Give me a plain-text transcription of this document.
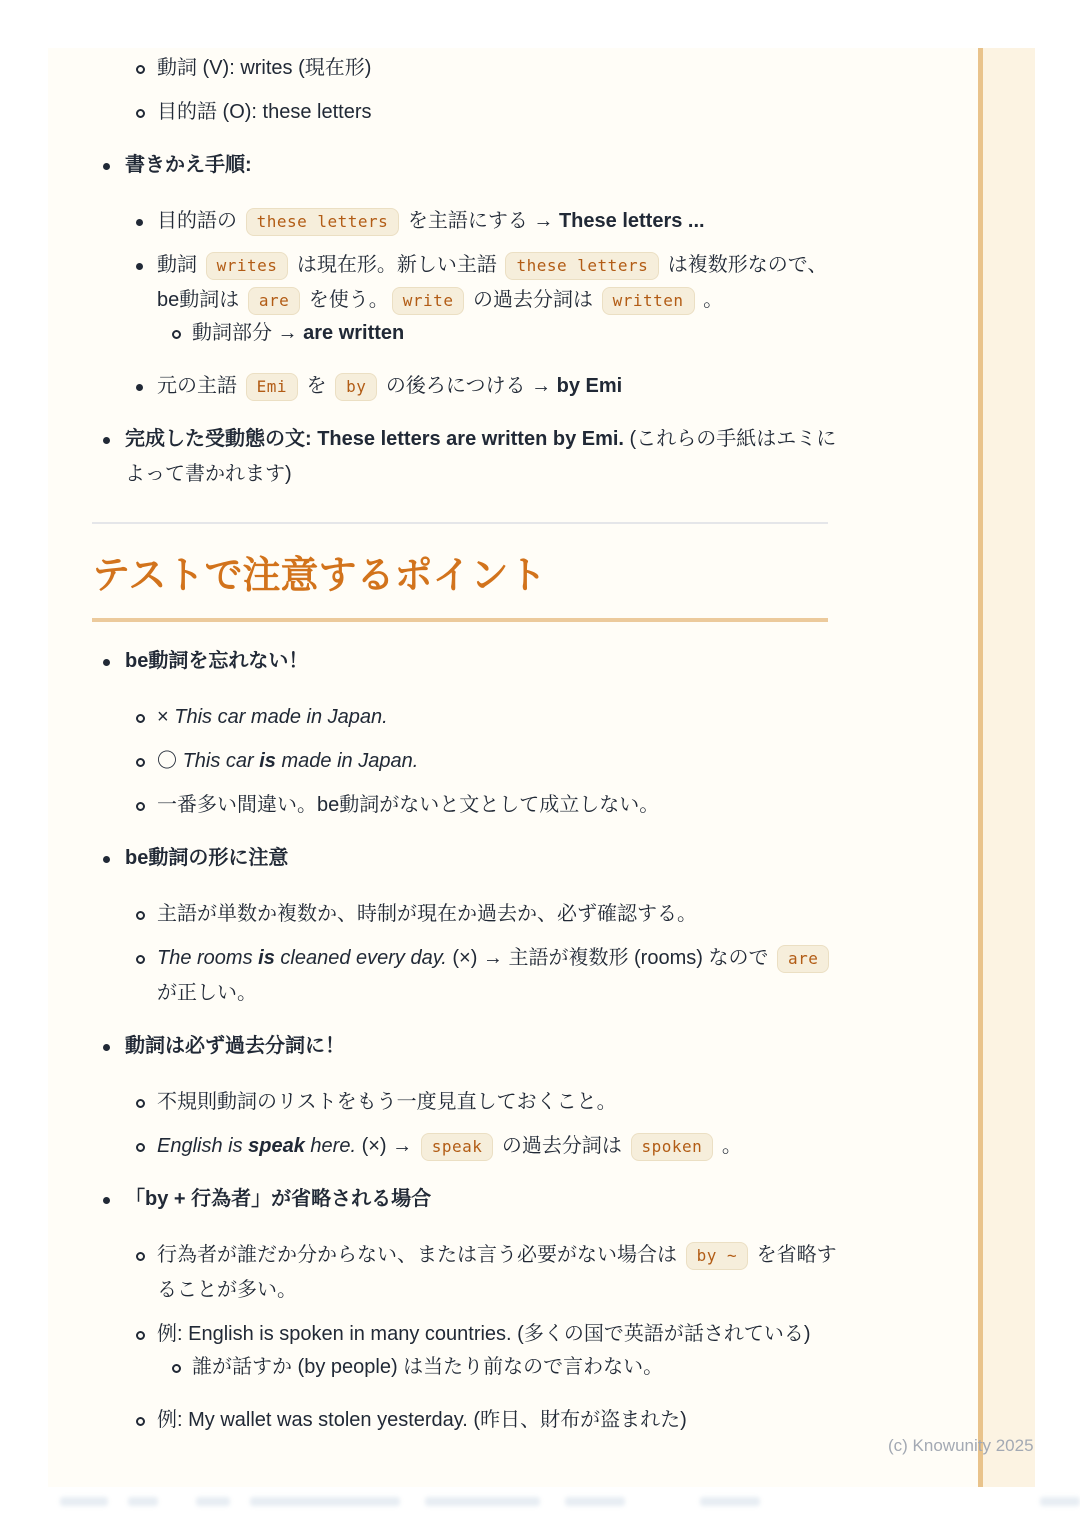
動詞 (V): writes (現在形)
目的語 (O): these letters
書きかえ手順:
目的語の these letters を主語にする → These letters ...
動詞 writes は現在形。新しい主語 these letters は複数形なので、be動詞は are を使う。 write の過去分詞は written 。
動詞部分 → are written
元の主語 Emi を by の後ろにつける → by Emi
完成した受動態の文: These letters are written by Emi. (これらの手紙はエミによって書かれます)
テストで注意するポイント
be動詞を忘れない！
× This car made in Japan.
〇 This car is made in Japan.
一番多い間違い。be動詞がないと文として成立しない。
be動詞の形に注意
主語が単数か複数か、時制が現在か過去か、必ず確認する。
The rooms is cleaned every day. (×) → 主語が複数形 (rooms) なので are が正しい。
動詞は必ず過去分詞に！
不規則動詞のリストをもう一度見直しておくこと。
English is speak here. (×) → speak の過去分詞は spoken 。
「by + 行為者」が省略される場合
行為者が誰だか分からない、または言う必要がない場合は by ~ を省略することが多い。
例: English is spoken in many countries. (多くの国で英語が話されている)
誰が話すか (by people) は当たり前なので言わない。
例: My wallet was stolen yesterday. (昨日、財布が盗まれた)
(c) Knowunity 2025
